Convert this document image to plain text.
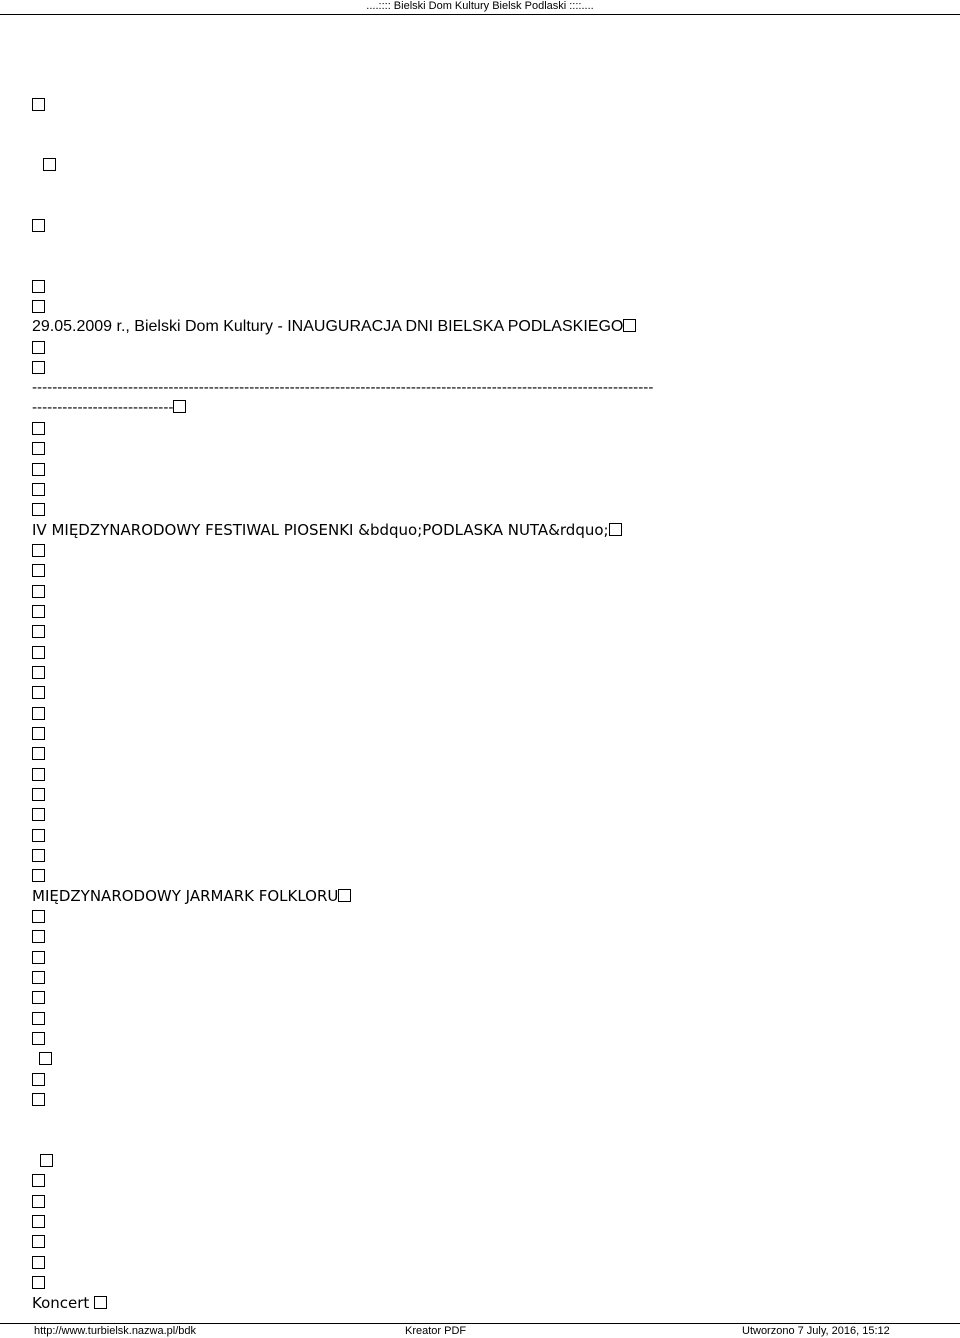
....:::: Bielski Dom Kultury Bielsk Podlaski ::::....
29.05.2009 r., Bielski Dom Kultury - INAUGURACJA DNI BIELSKA PODLASKIEGO
---------------------------------------------------------------------------------------------------------------------------
----------------------------
IV MIĘDZYNARODOWY FESTIWAL PIOSENKI &bdquo;PODLASKA NUTA&rdquo;
MIĘDZYNARODOWY JARMARK FOLKLORU
Koncert
http://www.turbielsk.nazwa.pl/bdk	Kreator PDF	Utworzono 7 July, 2016, 15:12
